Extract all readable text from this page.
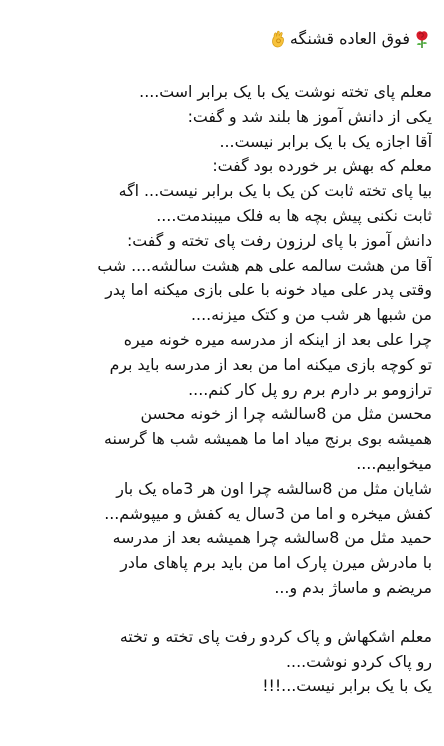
فوق العاده قشنگه
معلم پای تخته نوشت یک با یک برابر است....
یکی از دانش آموز ها بلند شد و گفت:
آقا اجازه یک با یک برابر نیست...
معلم که بهش بر خورده بود گفت:
بیا پای تخته ثابت کن یک با یک برابر نیست... اگه
ثابت نکنی پیش بچه ها به فلک میبندمت....
دانش آموز با پای لرزون رفت پای تخته و گفت:
آقا من هشت سالمه علی هم هشت سالشه.... شب
وقتی پدر علی میاد خونه با علی بازی میکنه اما پدر
من شبها هر شب من و کتک میزنه....
چرا علی بعد از اینکه از مدرسه میره خونه میره
تو کوچه بازی میکنه اما من بعد از مدرسه باید برم
ترازومو بر دارم برم رو پل کار کنم....
محسن مثل من 8سالشه چرا از خونه محسن
همیشه بوی برنج میاد اما ما همیشه شب ها گرسنه
میخوابیم....
شایان مثل من 8سالشه چرا اون هر 3ماه یک بار
کفش میخره و اما من 3سال یه کفش و میپوشم...
حمید مثل من 8سالشه چرا همیشه بعد از مدرسه
با مادرش میرن پارک اما من باید برم پاهای مادر
مریضم و ماساژ بدم و...
معلم اشکهاش و پاک کردو رفت پای تخته و تخته
رو پاک کردو نوشت....
یک با یک برابر نیست...!!!
